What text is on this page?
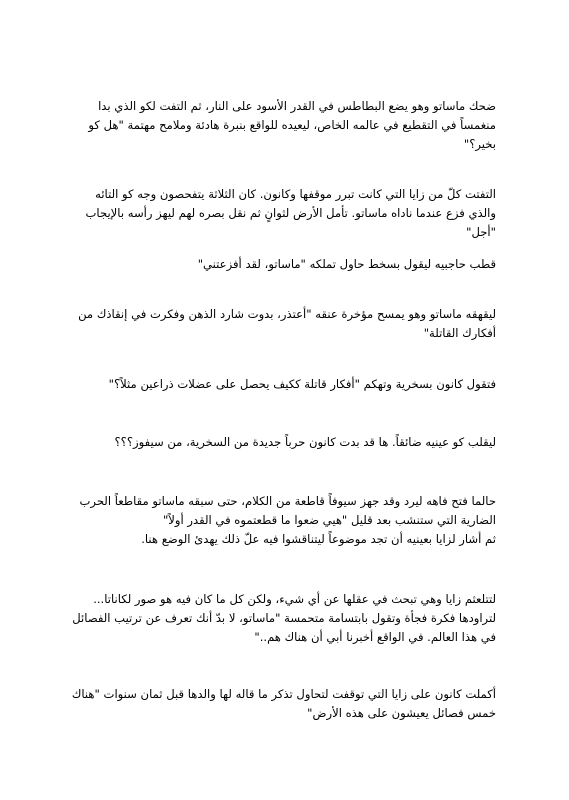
ضحك ماساتو وهو يضع البطاطس في القدر الأسود على النار، ثم التفت لكو الذي بدا
منغمساً في التقطيع في عالمه الخاص، ليعيده للواقع بنبرة هادئة وملامح مهتمة "هل كو
بخير؟"

التفتت كلّ من زايا التي كانت تبرر موقفها وكانون. كان الثلاثة يتفحصون وجه كو التائه
والذي فزع عندما ناداه ماساتو. تأمل الأرض لثوانٍ ثم نقل بصره لهم ليهز رأسه بالإيجاب
"أجل"

قطب حاجبيه ليقول بسخط حاول تملكه "ماساتو، لقد أفزعتني"

ليقهقه ماساتو وهو يمسح مؤخرة عنقه "أعتذر، بدوت شارد الذهن وفكرت في إنقاذك من
أفكارك القاتلة"

فتقول كانون بسخرية وتهكم "أفكار قاتلة ككيف يحصل على عضلات ذراعين مثلاً؟"

ليقلب كو عينيه ضائقاً. ها قد بدت كانون حرباً جديدة من السخرية، من سيفوز؟؟؟

حالما فتح فاهه ليرد وقد جهز سيوفاً قاطعة من الكلام، حتى سبقه ماساتو مقاطعاً الحرب
الضارية التي ستنشب بعد قليل "هيي ضعوا ما قطعتموه في القدر أولاً"
ثم أشار لزايا بعينيه أن تجد موضوعاً ليتناقشوا فيه علّ ذلك يهدئ الوضع هنا.

لتتلعثم زايا وهي تبحث في عقلها عن أي شيء، ولكن كل ما كان فيه هو صور لكاناتا...
لتراودها فكرة فجأة وتقول بابتسامة متحمسة "ماساتو، لا بدّ أنك تعرف عن ترتيب الفصائل
في هذا العالم. في الواقع أخبرنا أبي أن هناك هم.."

أكملت كانون على زايا التي توقفت لتحاول تذكر ما قاله لها والدها قبل ثمان سنوات "هناك
خمس فصائل يعيشون على هذه الأرض"
